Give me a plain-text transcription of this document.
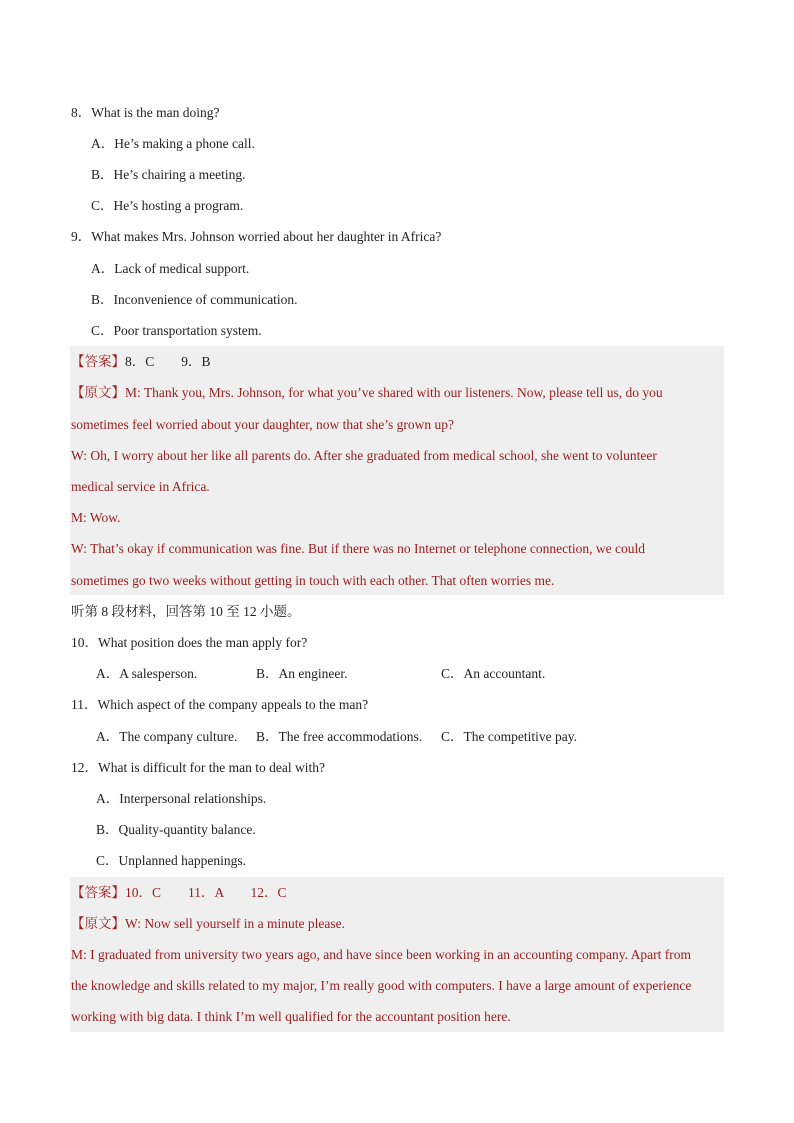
8．What is the man doing?
A．He’s making a phone call.
B．He’s chairing a meeting.
C．He’s hosting a program.
9．What makes Mrs. Johnson worried about her daughter in Africa?
A．Lack of medical support.
B．Inconvenience of communication.
C．Poor transportation system.
【答案】8．C　　9．B
【原文】M: Thank you, Mrs. Johnson, for what you’ve shared with our listeners. Now, please tell us, do you
sometimes feel worried about your daughter, now that she’s grown up?
W: Oh, I worry about her like all parents do. After she graduated from medical school, she went to volunteer
medical service in Africa.
M: Wow.
W: That’s okay if communication was fine. But if there was no Internet or telephone connection, we could
sometimes go two weeks without getting in touch with each other. That often worries me.
听第 8 段材料，回答第 10 至 12 小题。
10．What position does the man apply for?
A．A salesperson.	B．An engineer.	C．An accountant.
11．Which aspect of the company appeals to the man?
A．The company culture. B．The free accommodations. C．The competitive pay.
12．What is difficult for the man to deal with?
A．Interpersonal relationships.
B．Quality-quantity balance.
C．Unplanned happenings.
【答案】10．C　　11．A　　12．C
【原文】W: Now sell yourself in a minute please.
M: I graduated from university two years ago, and have since been working in an accounting company. Apart from
the knowledge and skills related to my major, I’m really good with computers. I have a large amount of experience
working with big data. I think I’m well qualified for the accountant position here.
